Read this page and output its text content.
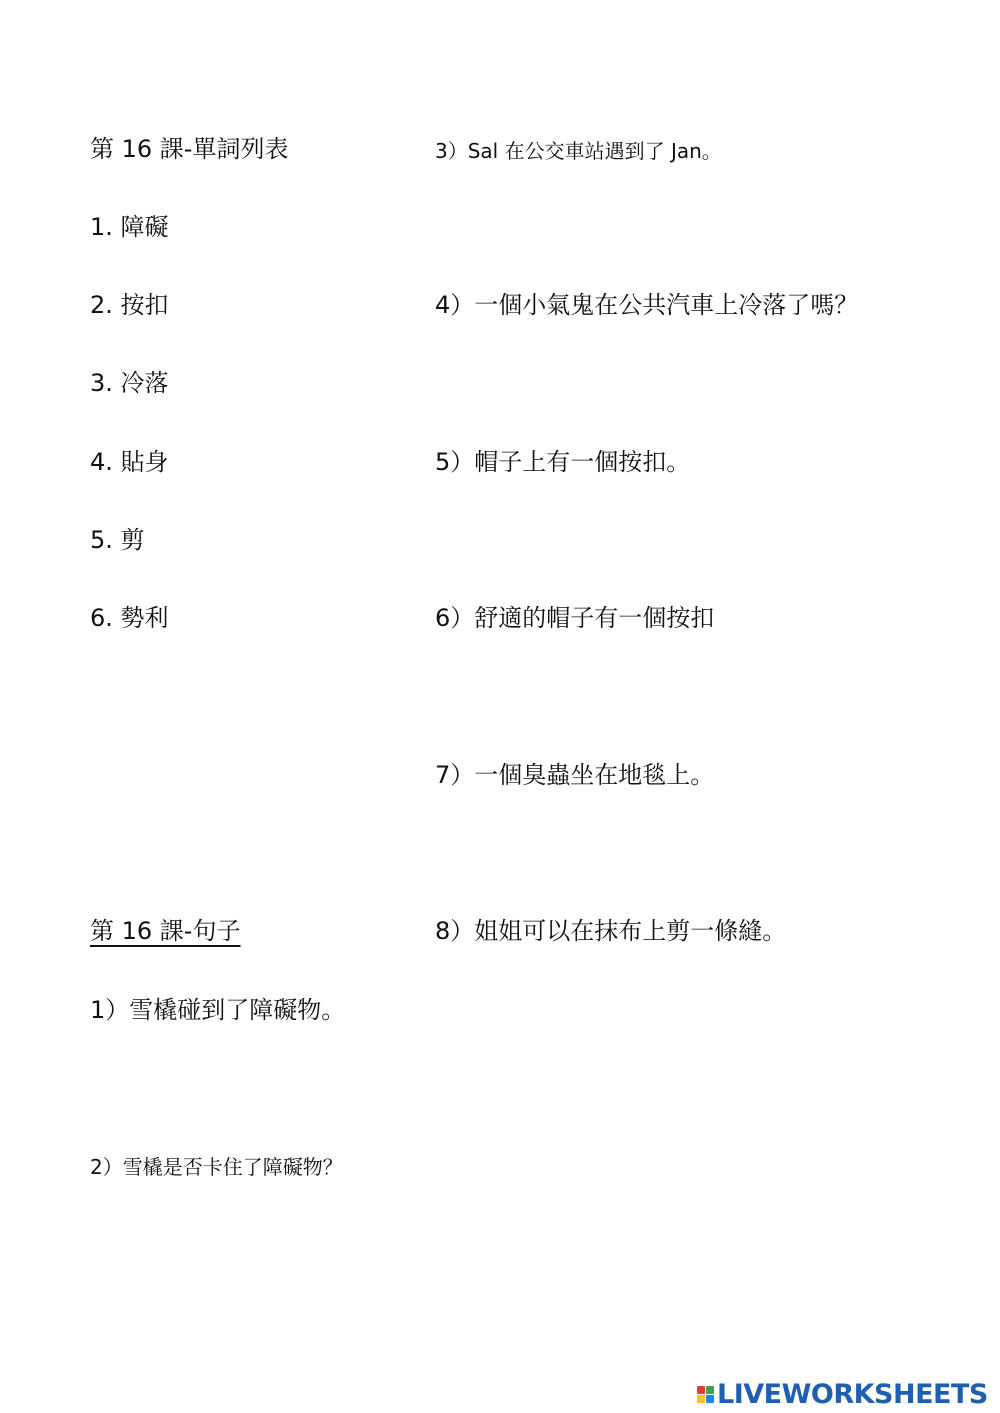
第 16 課-單詞列表
1. 障礙
2. 按扣
3. 冷落
4. 貼身
5. 剪
6. 勢利
第 16 課-句子
1）雪橇碰到了障礙物。
2）雪橇是否卡住了障礙物？
3）Sal 在公交車站遇到了 Jan。
4）一個小氣鬼在公共汽車上冷落了嗎？
5）帽子上有一個按扣。
6）舒適的帽子有一個按扣
7）一個臭蟲坐在地毯上。
8）姐姐可以在抹布上剪一條縫。
LIVEWORKSHEETS
